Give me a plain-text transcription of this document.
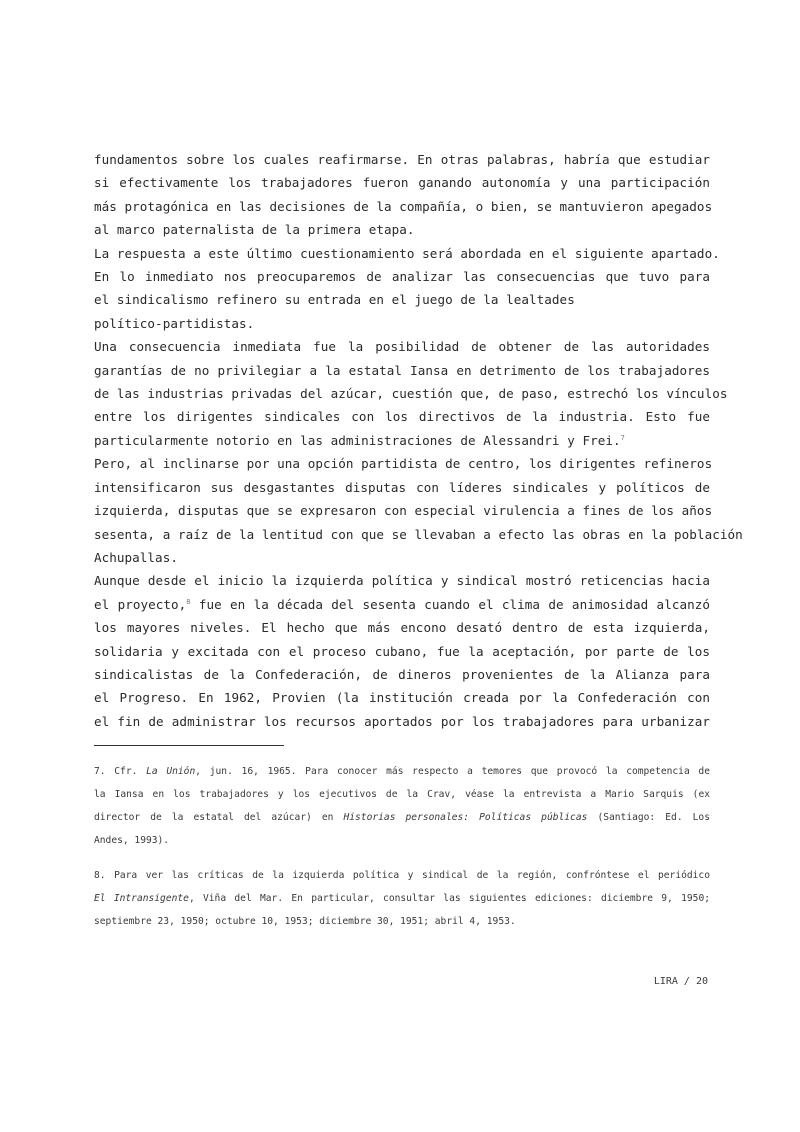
fundamentos sobre los cuales reafirmarse. En otras palabras, habría que estudiar
si efectivamente los trabajadores fueron ganando autonomía y una participación
más protagónica en las decisiones de la compañía, o bien, se mantuvieron apegados
al marco paternalista de la primera etapa.

La respuesta a este último cuestionamiento será abordada en el siguiente apartado.
En lo inmediato nos preocuparemos de analizar las consecuencias que tuvo para
el sindicalismo refinero su entrada en el juego de la lealtades
político-partidistas.

Una consecuencia inmediata fue la posibilidad de obtener de las autoridades
garantías de no privilegiar a la estatal Iansa en detrimento de los trabajadores
de las industrias privadas del azúcar, cuestión que, de paso, estrechó los vínculos
entre los dirigentes sindicales con los directivos de la industria. Esto fue
particularmente notorio en las administraciones de Alessandri y Frei.$^7$

Pero, al inclinarse por una opción partidista de centro, los dirigentes refineros
intensificaron sus desgastantes disputas con líderes sindicales y políticos de
izquierda, disputas que se expresaron con especial virulencia a fines de los años
sesenta, a raíz de la lentitud con que se llevaban a efecto las obras en la población
Achupallas.

Aunque desde el inicio la izquierda política y sindical mostró reticencias hacia
el proyecto,$^8$ fue en la década del sesenta cuando el clima de animosidad alcanzó
los mayores niveles. El hecho que más encono desató dentro de esta izquierda,
solidaria y excitada con el proceso cubano, fue la aceptación, por parte de los
sindicalistas de la Confederación, de dineros provenientes de la Alianza para
el Progreso. En 1962, Provien (la institución creada por la Confederación con
el fin de administrar los recursos aportados por los trabajadores para urbanizar

7. Cfr. La Unión, jun. 16, 1965. Para conocer más respecto a temores que provocó la competencia de
la Iansa en los trabajadores y los ejecutivos de la Crav, véase la entrevista a Mario Sarquis (ex
director de la estatal del azúcar) en Historias personales: Políticas públicas (Santiago: Ed. Los
Andes, 1993).

8. Para ver las críticas de la izquierda política y sindical de la región, confróntese el periódico
El Intransigente, Viña del Mar. En particular, consultar las siguientes ediciones: diciembre 9, 1950;
septiembre 23, 1950; octubre 10, 1953; diciembre 30, 1951; abril 4, 1953.

LIRA / 20
